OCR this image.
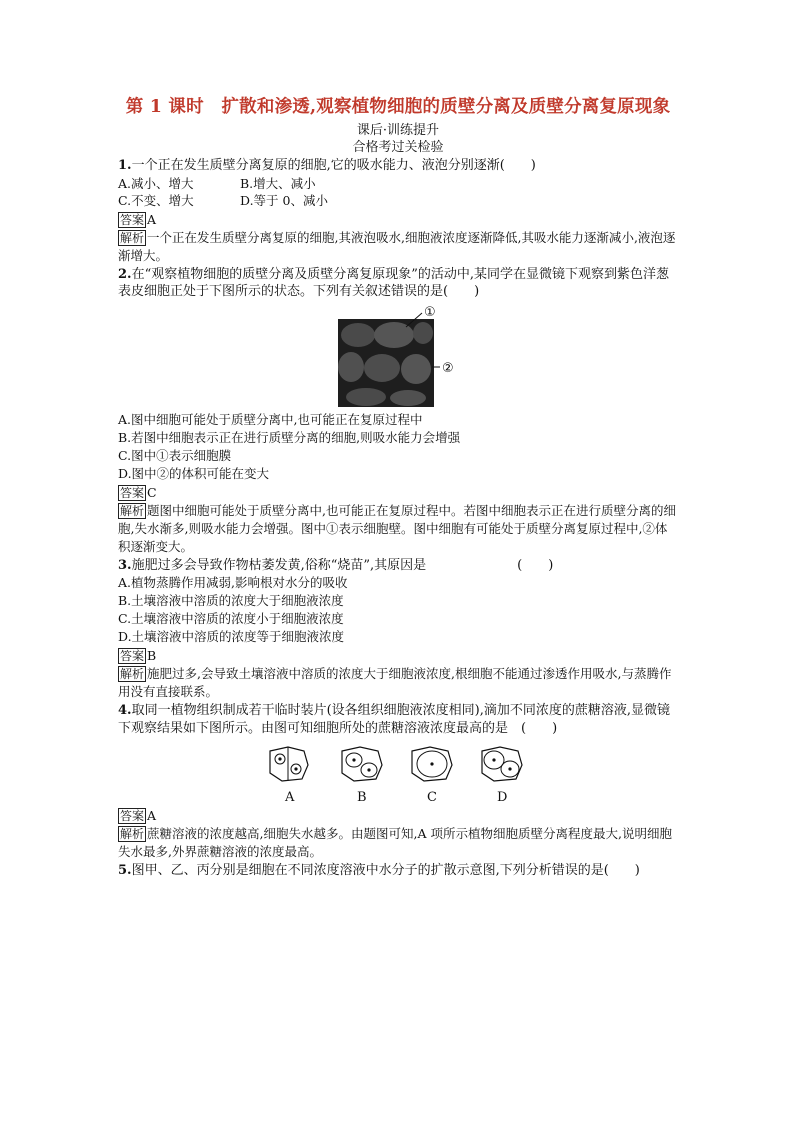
第 1 课时　扩散和渗透,观察植物细胞的质壁分离及质壁分离复原现象
课后·训练提升
合格考过关检验
1.一个正在发生质壁分离复原的细胞,它的吸水能力、液泡分别逐渐(　　)
A.减小、增大	B.增大、减小
C.不变、增大	D.等于 0、减小
答案 A
解析 一个正在发生质壁分离复原的细胞,其液泡吸水,细胞液浓度逐渐降低,其吸水能力逐渐减小,液泡逐渐增大。
2.在“观察植物细胞的质壁分离及质壁分离复原现象”的活动中,某同学在显微镜下观察到紫色洋葱表皮细胞正处于下图所示的状态。下列有关叙述错误的是(　　)
①
②
A.图中细胞可能处于质壁分离中,也可能正在复原过程中
B.若图中细胞表示正在进行质壁分离的细胞,则吸水能力会增强
C.图中①表示细胞膜
D.图中②的体积可能在变大
答案 C
解析 题图中细胞可能处于质壁分离中,也可能正在复原过程中。若图中细胞表示正在进行质壁分离的细胞,失水渐多,则吸水能力会增强。图中①表示细胞壁。图中细胞有可能处于质壁分离复原过程中,②体积逐渐变大。
3.施肥过多会导致作物枯萎发黄,俗称“烧苗”,其原因是　　　　　　　(　　)
A.植物蒸腾作用减弱,影响根对水分的吸收
B.土壤溶液中溶质的浓度大于细胞液浓度
C.土壤溶液中溶质的浓度小于细胞液浓度
D.土壤溶液中溶质的浓度等于细胞液浓度
答案 B
解析 施肥过多,会导致土壤溶液中溶质的浓度大于细胞液浓度,根细胞不能通过渗透作用吸水,与蒸腾作用没有直接联系。
4.取同一植物组织制成若干临时装片(设各组织细胞液浓度相同),滴加不同浓度的蔗糖溶液,显微镜下观察结果如下图所示。由图可知细胞所处的蔗糖溶液浓度最高的是　(　　)
A	B	C	D
答案 A
解析 蔗糖溶液的浓度越高,细胞失水越多。由题图可知,A 项所示植物细胞质壁分离程度最大,说明细胞失水最多,外界蔗糖溶液的浓度最高。
5.图甲、乙、丙分别是细胞在不同浓度溶液中水分子的扩散示意图,下列分析错误的是(　　)
